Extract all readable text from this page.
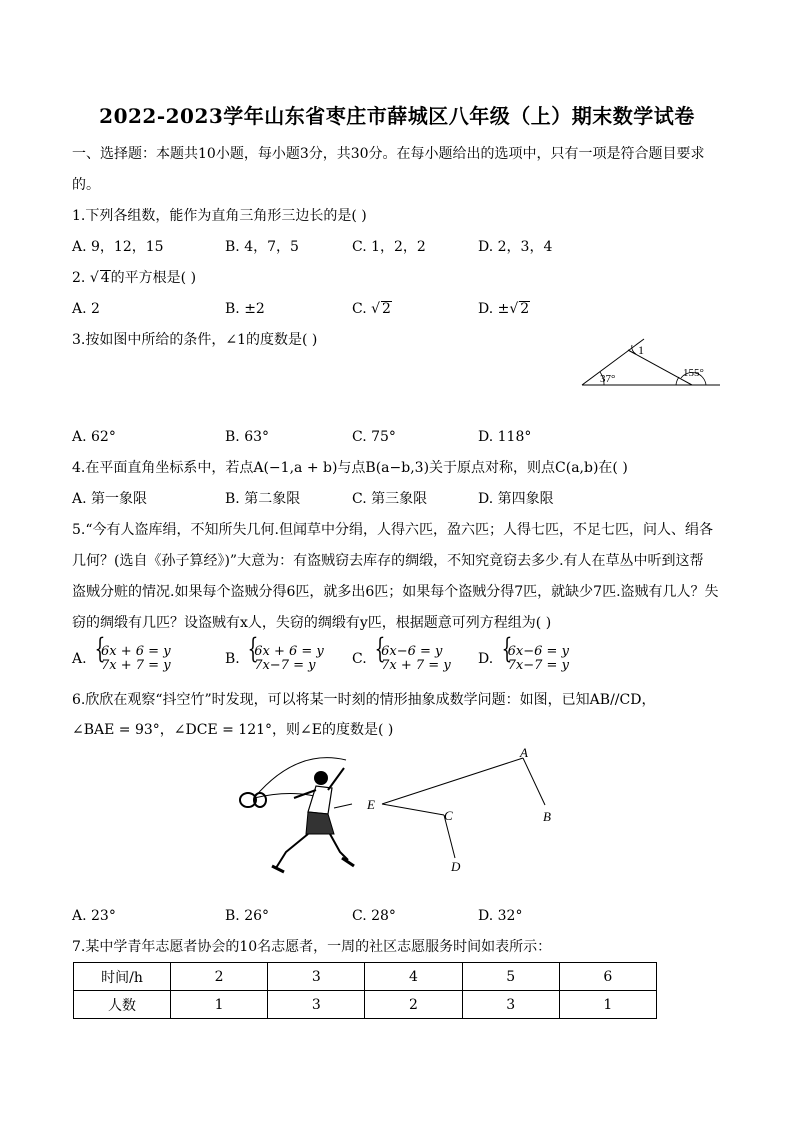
2022-2023学年山东省枣庄市薛城区八年级（上）期末数学试卷
一、选择题：本题共10小题，每小题3分，共30分。在每小题给出的选项中，只有一项是符合题目要求
的。
1.下列各组数，能作为直角三角形三边长的是( )
A. 9，12，15	B. 4，7，5	C. 1，2，2	D. 2，3，4
2. √ 4的平方根是( )
A. 2	B. ±2	C. √ 2	D. ±√ 2
3.按如图中所给的条件，∠1的度数是( )
1
37°	155°
A. 62°	B. 63°	C. 75°	D. 118°
4.在平面直角坐标系中，若点A(−1,a + b)与点B(a−b,3)关于原点对称，则点C(a,b)在( )
A. 第一象限	B. 第二象限	C. 第三象限	D. 第四象限
5.“今有人盗库绢，不知所失几何.但闻草中分绢，人得六匹，盈六匹；人得七匹，不足七匹，问人、绢各
几何？(选自《孙子算经》)”大意为：有盗贼窃去库存的绸缎，不知究竟窃去多少.有人在草丛中听到这帮
盗贼分赃的情况.如果每个盗贼分得6匹，就多出6匹；如果每个盗贼分得7匹，就缺少7匹.盗贼有几人？失
窃的绸缎有几匹？设盗贼有x人，失窃的绸缎有y匹，根据题意可列方程组为( )
A. { 6x + 6 = y
7x + 7 = y	B. { 6x + 6 = y
7x−7 = y	C. { 6x−6 = y
7x + 7 = y D. { 6x−6 = y
7x−7 = y
6.欣欣在观察“抖空竹”时发现，可以将某一时刻的情形抽象成数学问题：如图，已知AB//CD，
∠BAE = 93°，∠DCE = 121°，则∠E的度数是( )
A
B
C
D
E
A. 23°	B. 26°	C. 28°	D. 32°
7.某中学青年志愿者协会的10名志愿者，一周的社区志愿服务时间如表所示：
时间/h	2	3	4	5	6
人数	1	3	2	3	1
